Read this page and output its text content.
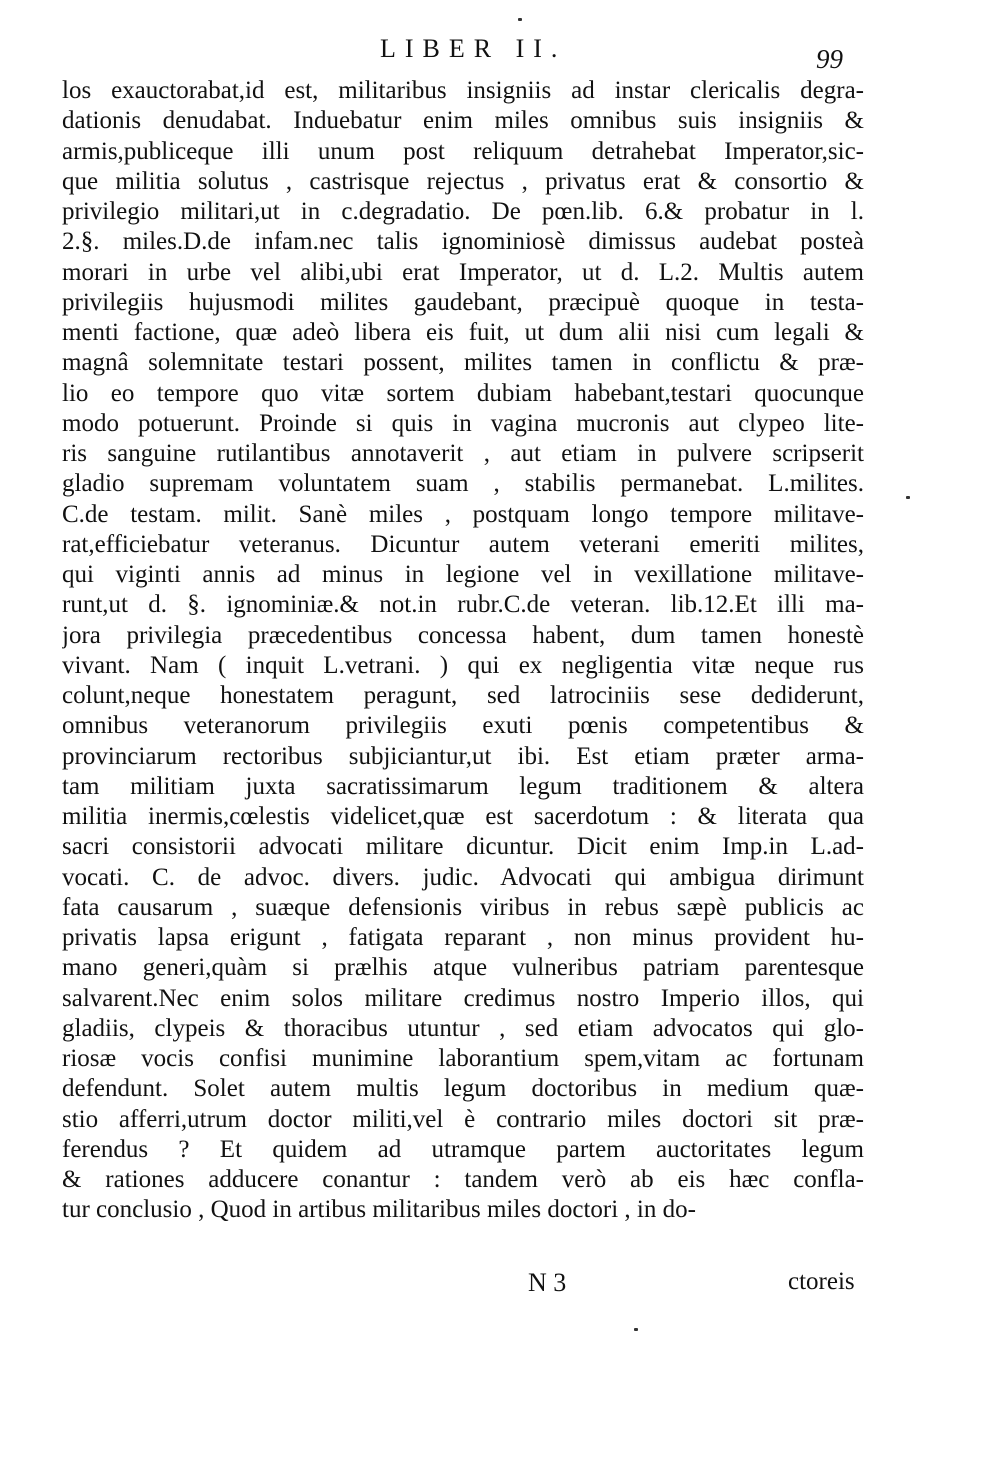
LIBER II.	99
los exauctorabat,id est, militaribus insigniis ad instar clericalis degra-
dationis denudabat. Induebatur enim miles omnibus suis insigniis &
armis,publiceque illi unum post reliquum detrahebat Imperator,sic-
que militia solutus , castrisque rejectus , privatus erat & consortio &
privilegio militari,ut in c.degradatio. De pœn.lib. 6.& probatur in l.
2.§. miles.D.de infam.nec talis ignominiosè dimissus audebat posteà
morari in urbe vel alibi,ubi erat Imperator, ut d. L.2. Multis autem
privilegiis hujusmodi milites gaudebant, præcipuè quoque in testa-
menti factione, quæ adeò libera eis fuit, ut dum alii nisi cum legali &
magnâ solemnitate testari possent, milites tamen in conflictu & præ-
lio eo tempore quo vitæ sortem dubiam habebant,testari quocunque
modo potuerunt. Proinde si quis in vagina mucronis aut clypeo lite-
ris sanguine rutilantibus annotaverit , aut etiam in pulvere scripserit
gladio supremam voluntatem suam , stabilis permanebat. L.milites.
C.de testam. milit. Sanè miles , postquam longo tempore militave-
rat,efficiebatur veteranus. Dicuntur autem veterani emeriti milites,
qui viginti annis ad minus in legione vel in vexillatione militave-
runt,ut d. §. ignominiæ.& not.in rubr.C.de veteran. lib.12.Et illi ma-
jora privilegia præcedentibus concessa habent, dum tamen honestè
vivant. Nam ( inquit L.vetrani. ) qui ex negligentia vitæ neque rus
colunt,neque honestatem peragunt, sed latrociniis sese dediderunt,
omnibus veteranorum privilegiis exuti pœnis competentibus &
provinciarum rectoribus subjiciantur,ut ibi. Est etiam præter arma-
tam militiam juxta sacratissimarum legum traditionem & altera
militia inermis,cœlestis videlicet,quæ est sacerdotum : & literata qua
sacri consistorii advocati militare dicuntur. Dicit enim Imp.in L.ad-
vocati. C. de advoc. divers. judic. Advocati qui ambigua dirimunt
fata causarum , suæque defensionis viribus in rebus sæpè publicis ac
privatis lapsa erigunt , fatigata reparant , non minus provident hu-
mano generi,quàm si prælhis atque vulneribus patriam parentesque
salvarent.Nec enim solos militare credimus nostro Imperio illos, qui
gladiis, clypeis & thoracibus utuntur , sed etiam advocatos qui glo-
riosæ vocis confisi munimine laborantium spem,vitam ac fortunam
defendunt. Solet autem multis legum doctoribus in medium quæ-
stio afferri,utrum doctor militi,vel è contrario miles doctori sit præ-
ferendus ? Et quidem ad utramque partem auctoritates legum
& rationes adducere conantur : tandem verò ab eis hæc confla-
tur conclusio , Quod in artibus militaribus miles doctori , in do-
N 3	ctoreis
